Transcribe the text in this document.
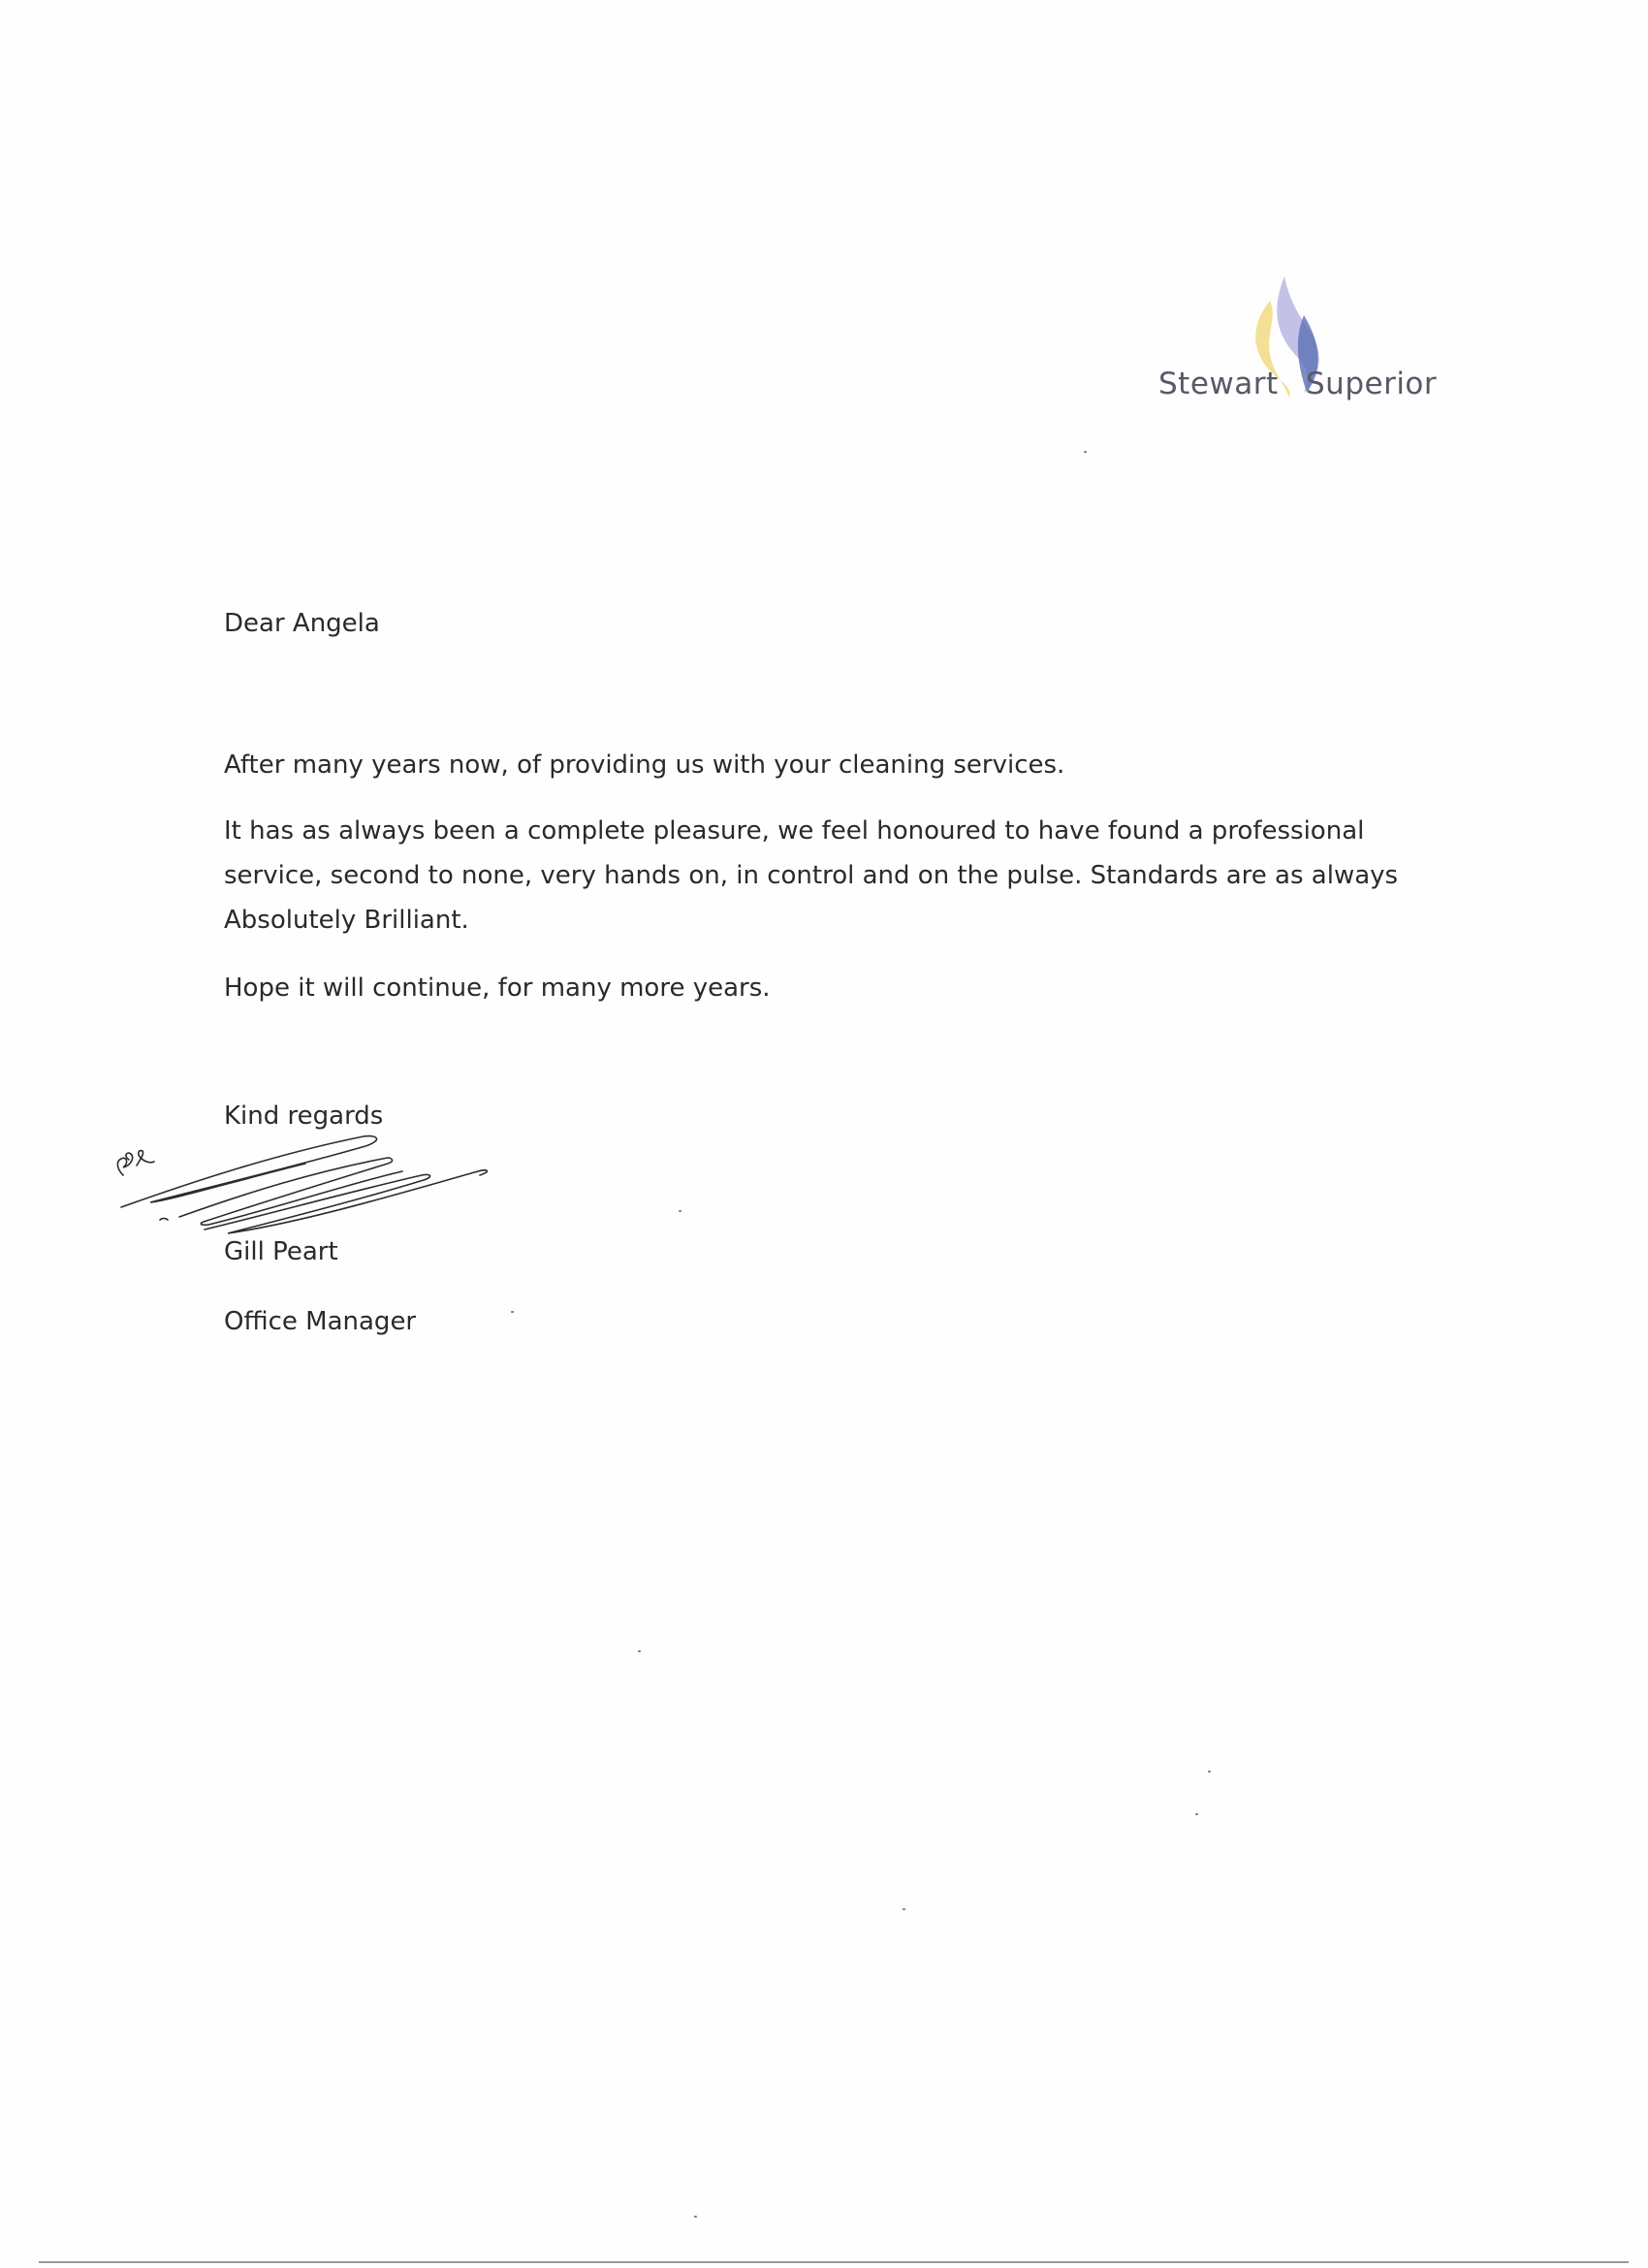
Stewart Superior
Dear Angela

After many years now, of providing us with your cleaning services.

It has as always been a complete pleasure, we feel honoured to have found a professional service, second to none, very hands on, in control and on the pulse. Standards are as always Absolutely Brilliant.

Hope it will continue, for many more years.

Kind regards
Gill Peart
Office Manager
